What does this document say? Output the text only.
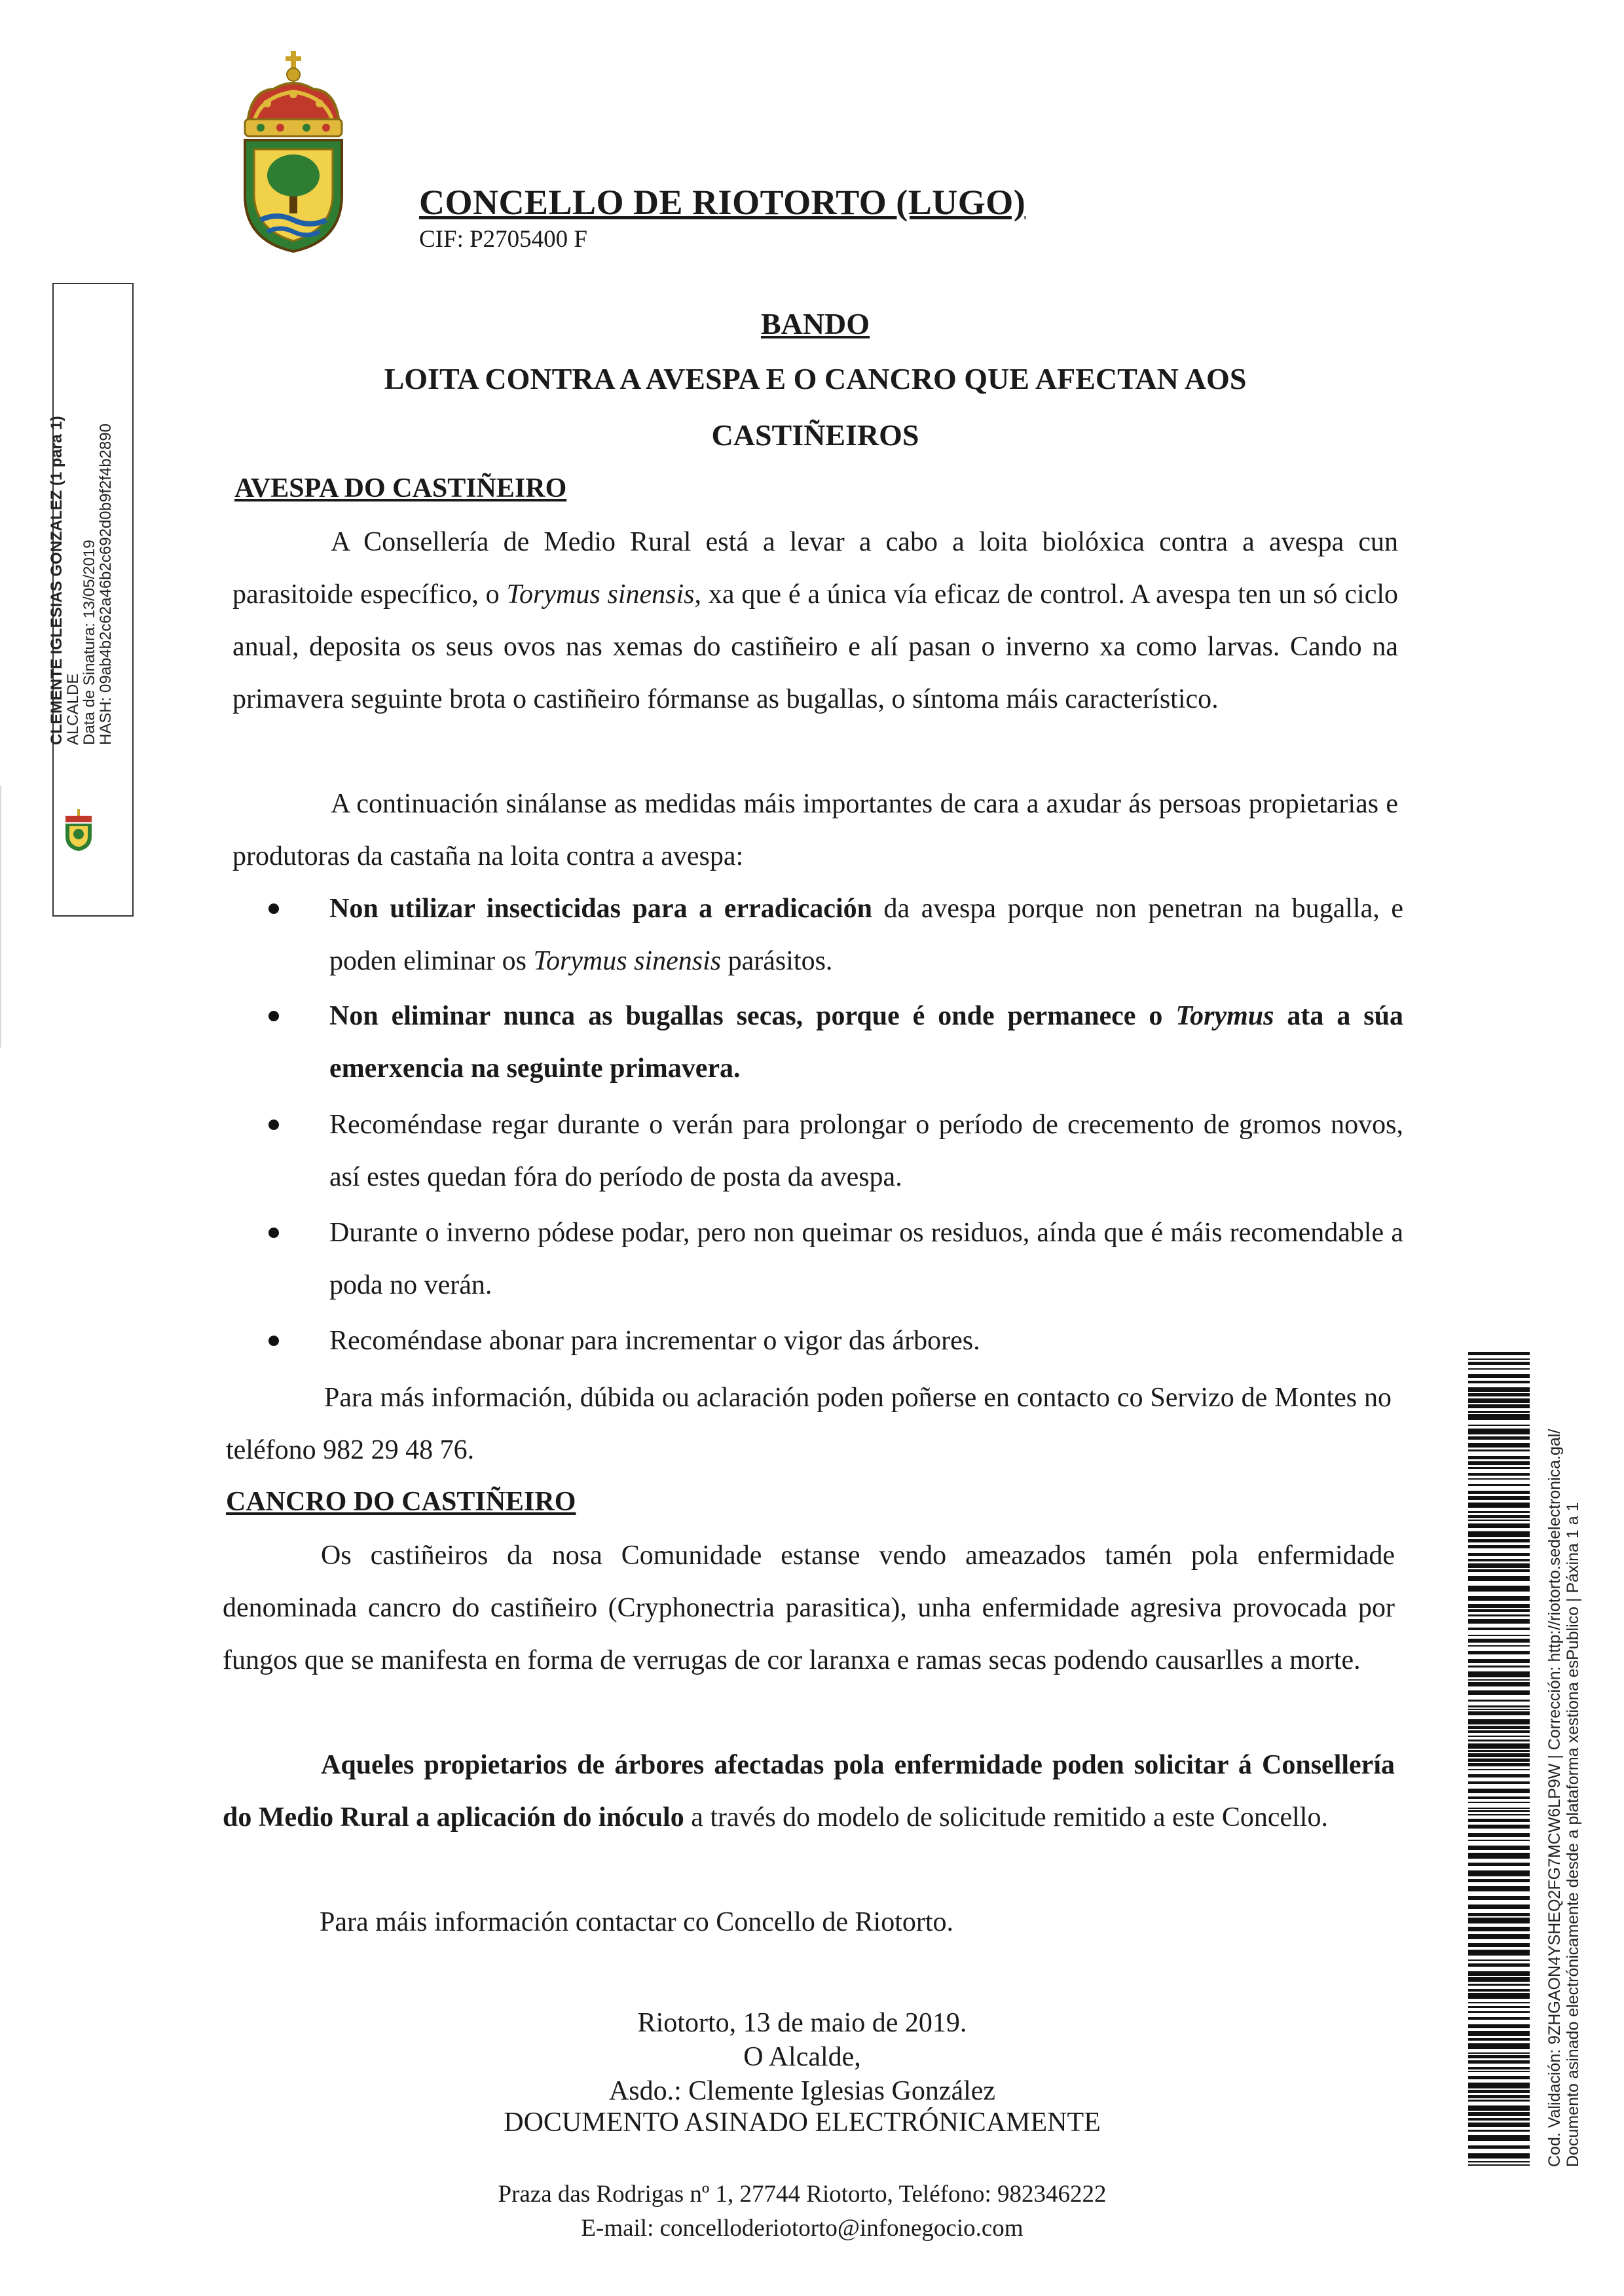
CONCELLO DE RIOTORTO (LUGO)
CIF: P2705400 F
CLEMENTE IGLESIAS GONZALEZ (1 para 1)
ALCALDE
Data de Sinatura: 13/05/2019
HASH: 09ab4b2c62a46b2c692d0b9f2f4b2890
BANDO
LOITA CONTRA A AVESPA E O CANCRO QUE AFECTAN AOS
CASTIÑEIROS
AVESPA DO CASTIÑEIRO

A Consellería de Medio Rural está a levar a cabo a loita biolóxica contra a avespa cun parasitoide específico, o Torymus sinensis, xa que é a única vía eficaz de control. A avespa ten un só ciclo anual, deposita os seus ovos nas xemas do castiñeiro e alí pasan o inverno xa como larvas. Cando na primavera seguinte brota o castiñeiro fórmanse as bugallas, o síntoma máis característico.

A continuación sinálanse as medidas máis importantes de cara a axudar ás persoas propietarias e produtoras da castaña na loita contra a avespa:

Non utilizar insecticidas para a erradicación da avespa porque non penetran na bugalla, e poden eliminar os Torymus sinensis parásitos.
Non eliminar nunca as bugallas secas, porque é onde permanece o Torymus ata a súa emerxencia na seguinte primavera.
Recoméndase regar durante o verán para prolongar o período de crecemento de gromos novos, así estes quedan fóra do período de posta da avespa.
Durante o inverno pódese podar, pero non queimar os residuos, aínda que é máis recomendable a poda no verán.
Recoméndase abonar para incrementar o vigor das árbores.

Para más información, dúbida ou aclaración poden poñerse en contacto co Servizo de Montes no teléfono 982 29 48 76.

CANCRO DO CASTIÑEIRO

Os castiñeiros da nosa Comunidade estanse vendo ameazados tamén pola enfermidade denominada cancro do castiñeiro (Cryphonectria parasitica), unha enfermidade agresiva provocada por fungos que se manifesta en forma de verrugas de cor laranxa e ramas secas podendo causarlles a morte.

Aqueles propietarios de árbores afectadas pola enfermidade poden solicitar á Consellería do Medio Rural a aplicación do inóculo a través do modelo de solicitude remitido a este Concello.

Para máis información contactar co Concello de Riotorto.

Riotorto, 13 de maio de 2019.
O Alcalde,
Asdo.: Clemente Iglesias González
DOCUMENTO ASINADO ELECTRÓNICAMENTE
Praza das Rodrigas nº 1, 27744 Riotorto, Teléfono: 982346222
E-mail: concelloderiotorto@infonegocio.com
Cod. Validación: 9ZHGAON4YSHEQ2FG7MCW6LP9W | Corrección: http://riotorto.sedelectronica.gal/ Documento asinado electrónicamente desde a plataforma xestiona esPublico | Páxina 1 a 1
